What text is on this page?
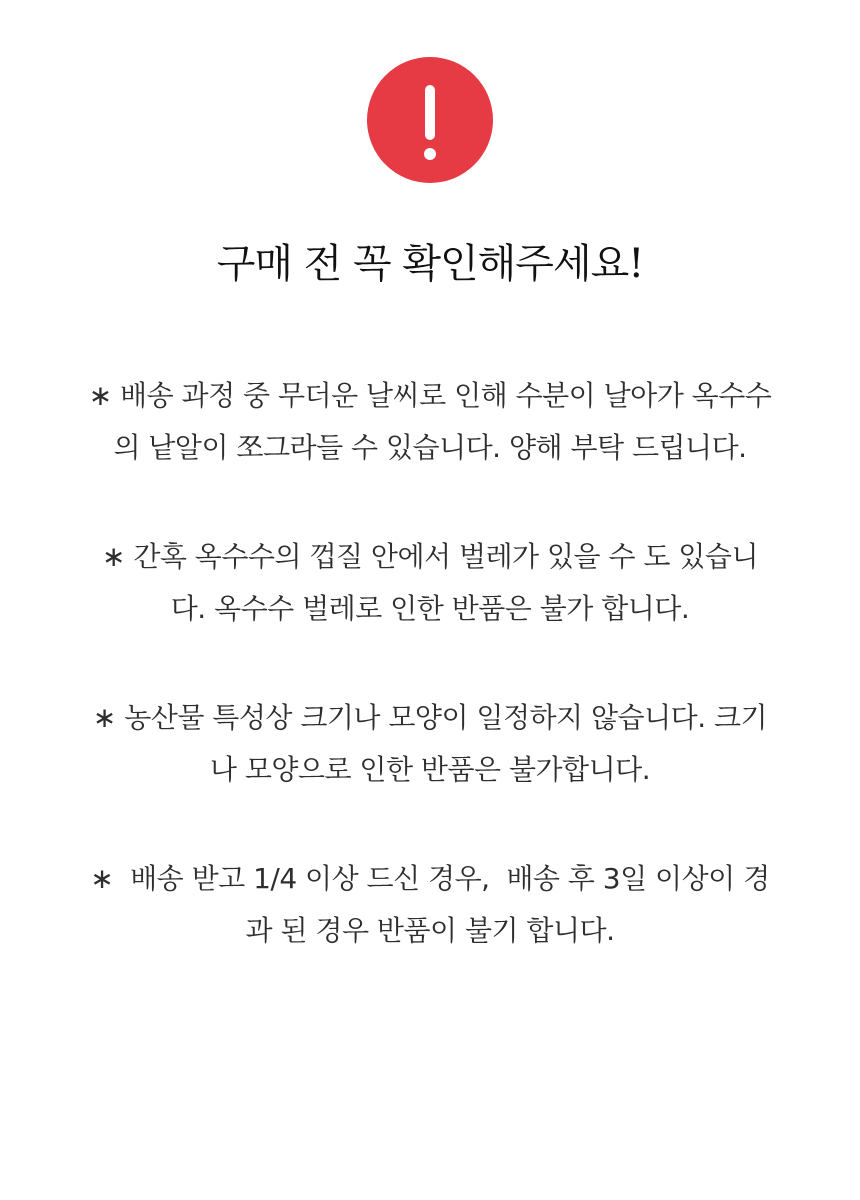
구매 전 꼭 확인해주세요!
∗ 배송 과정 중 무더운 날씨로 인해 수분이 날아가 옥수수
의 낱알이 쪼그라들 수 있습니다. 양해 부탁 드립니다.
∗ 간혹 옥수수의 껍질 안에서 벌레가 있을 수 도 있습니
다. 옥수수 벌레로 인한 반품은 불가 합니다.
∗ 농산물 특성상 크기나 모양이 일정하지 않습니다. 크기
나 모양으로 인한 반품은 불가합니다.
∗  배송 받고 1/4 이상 드신 경우,  배송 후 3일 이상이 경
과 된 경우 반품이 불기 합니다.
